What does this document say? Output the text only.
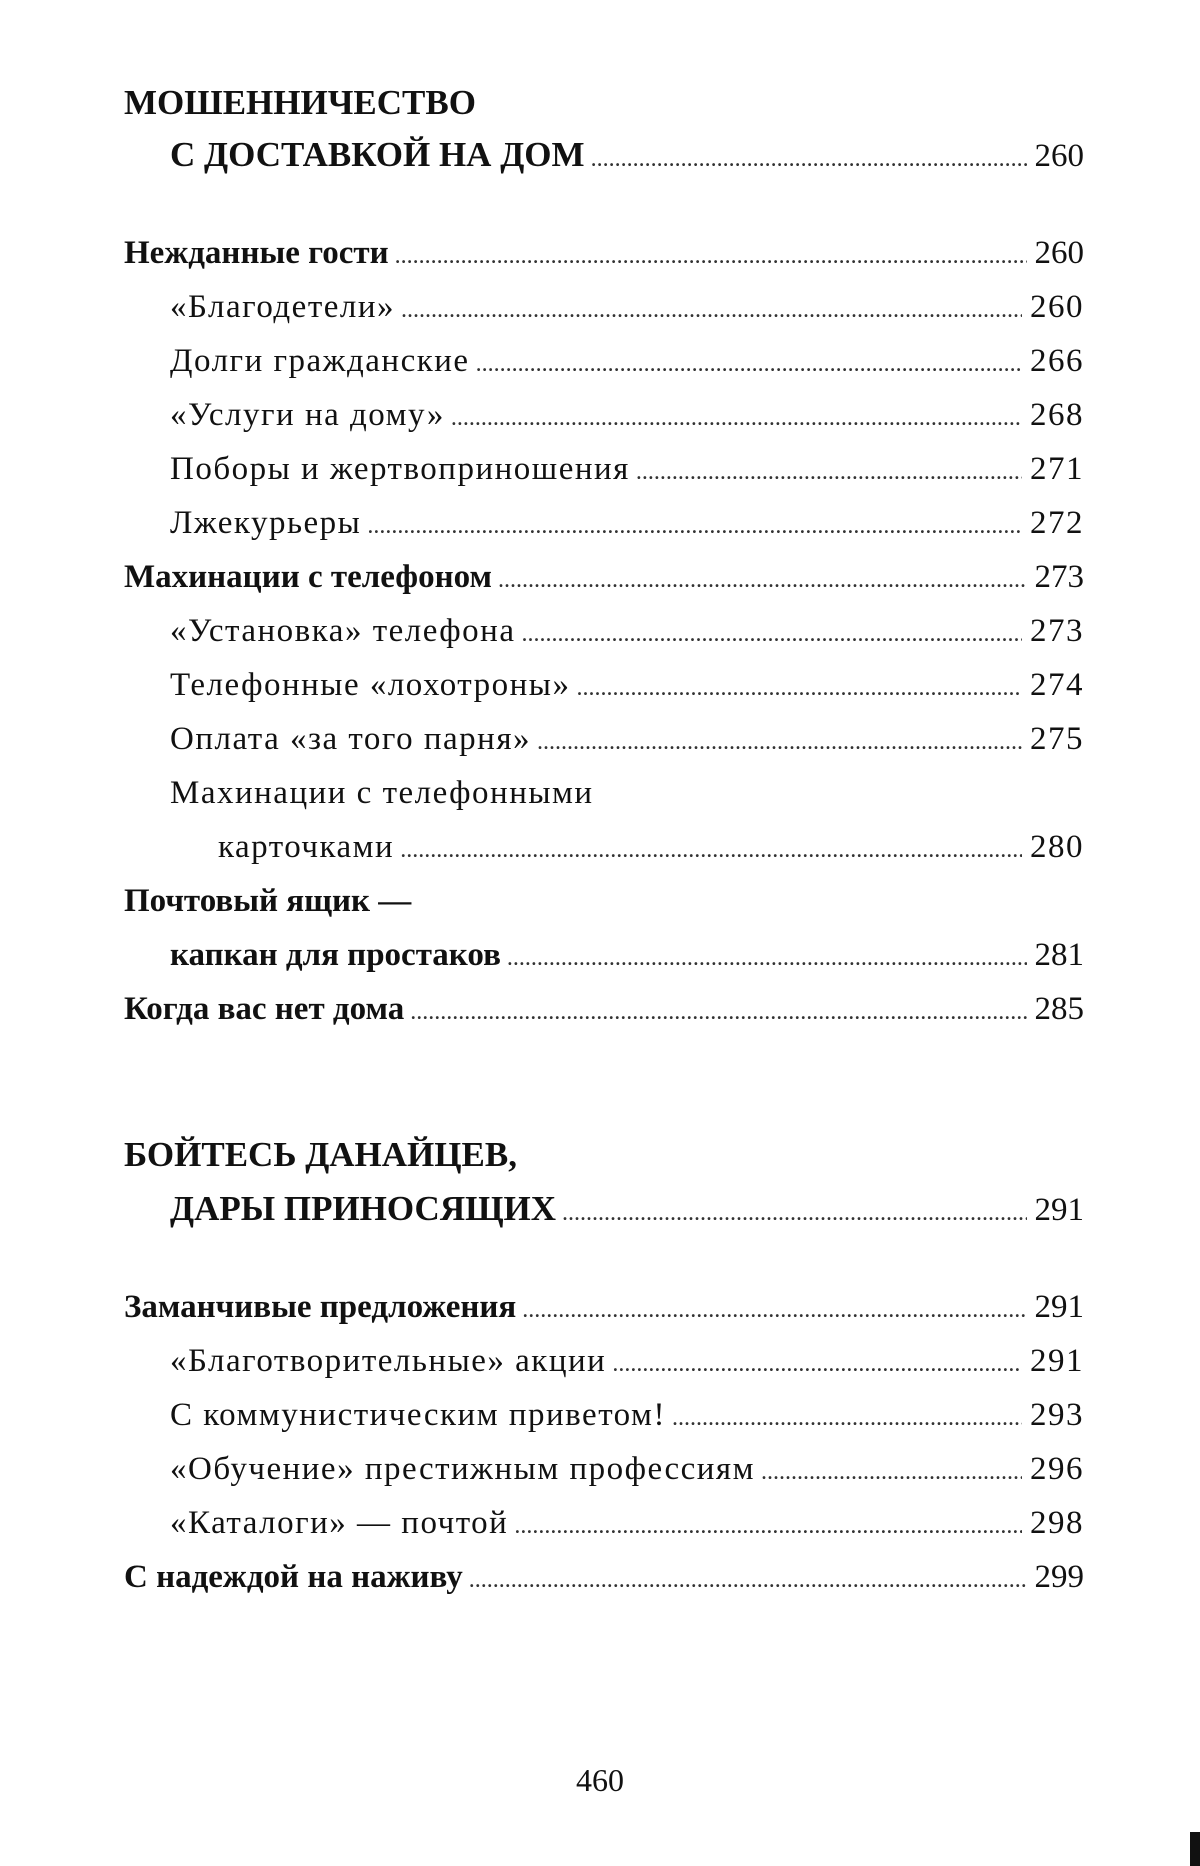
МОШЕННИЧЕСТВО
С ДОСТАВКОЙ НА ДОМ
.....	260
Нежданные гости
.....	260
«Благодетели»
.....	260
Долги гражданские
.....	266
«Услуги на дому»
.....	268
Поборы и жертвоприношения
.....	271
Лжекурьеры
.....	272
Махинации с телефоном
.....	273
«Установка» телефона
.....	273
Телефонные «лохотроны»
.....	274
Оплата «за того парня»
.....	275
Махинации с телефонными
карточками
.....	280
Почтовый ящик —
капкан для простаков
.....	281
Когда вас нет дома
.....	285
БОЙТЕСЬ ДАНАЙЦЕВ,
ДАРЫ ПРИНОСЯЩИХ
.....	291
Заманчивые предложения
.....	291
«Благотворительные» акции
.....	291
С коммунистическим приветом!
.....	293
«Обучение» престижным профессиям
.....	296
«Каталоги» — почтой
.....	298
С надеждой на наживу
.....	299
460
